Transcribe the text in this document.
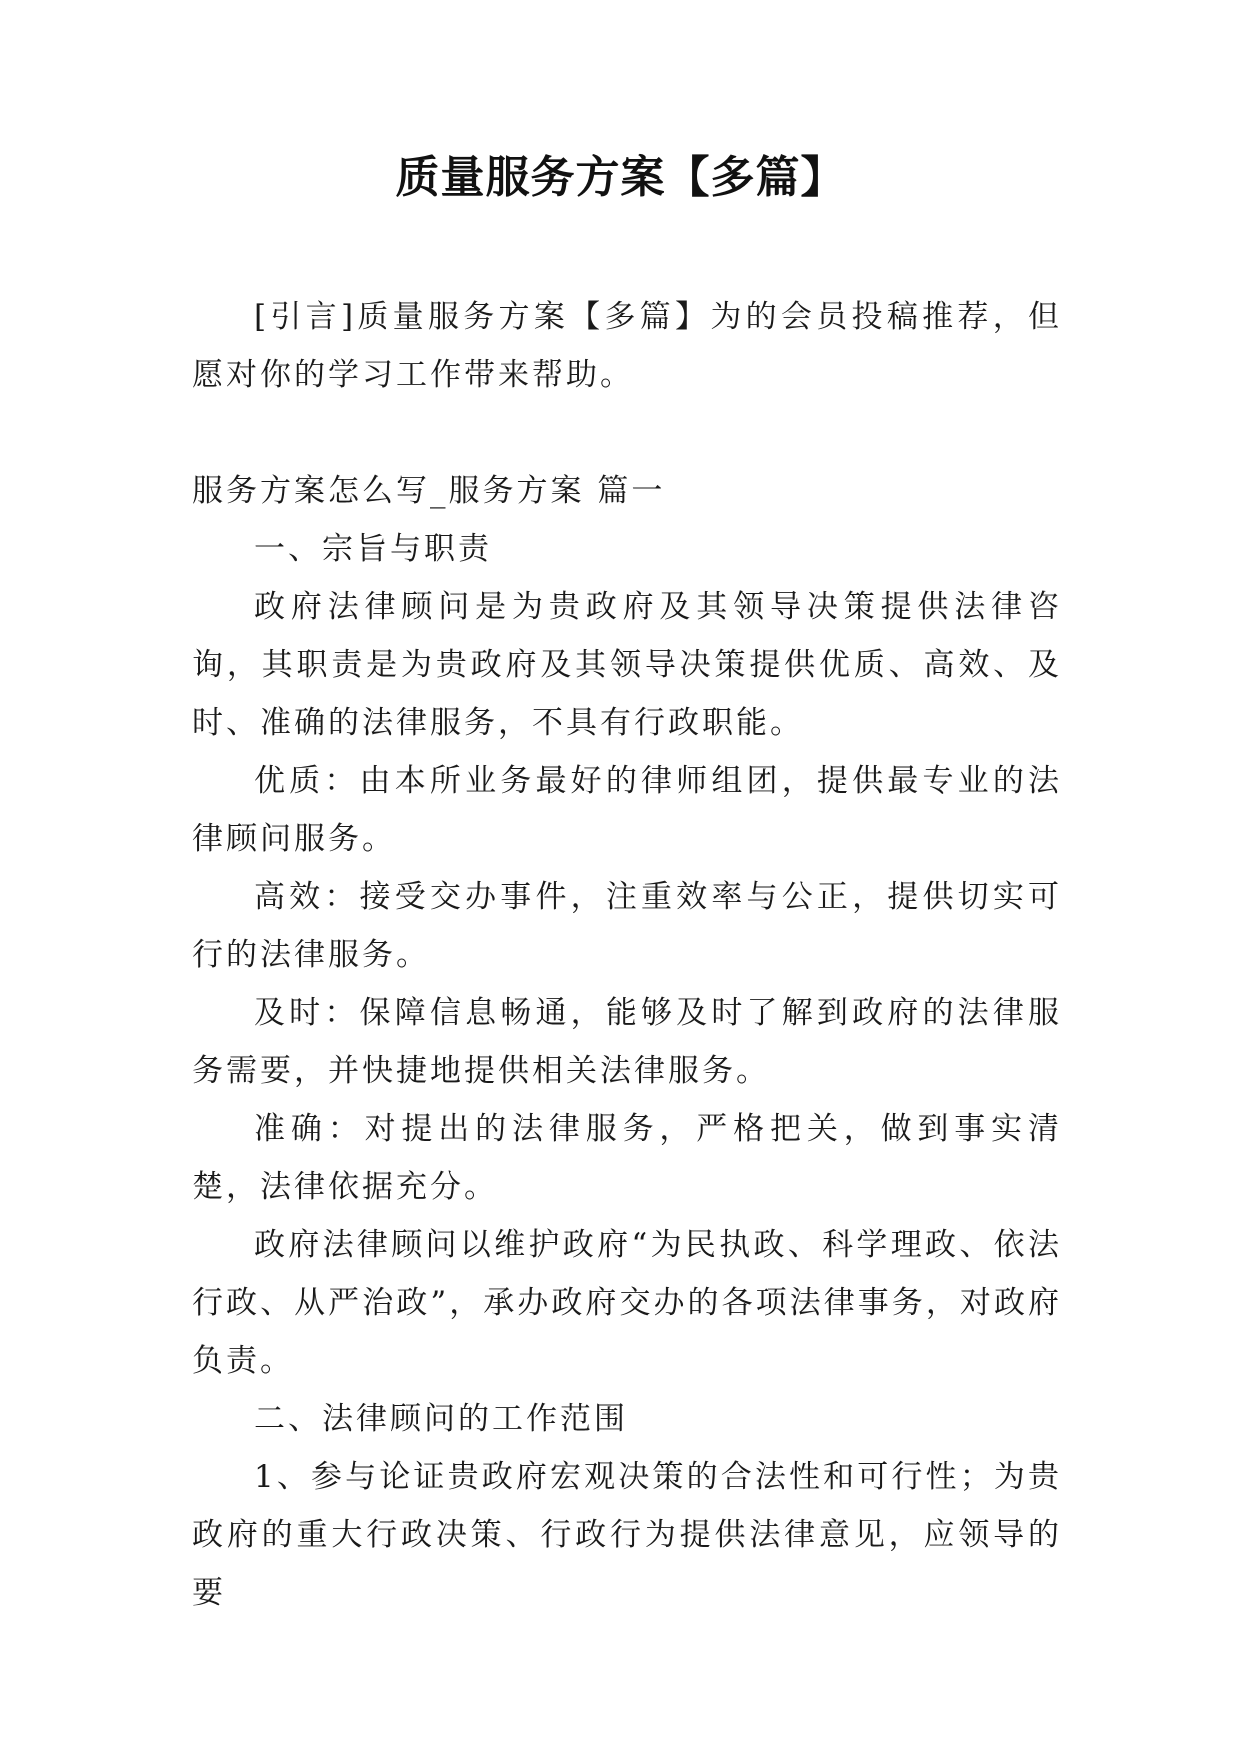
质量服务方案【多篇】

[引言]质量服务方案【多篇】为的会员投稿推荐，但愿对你的学习工作带来帮助。

服务方案怎么写_服务方案 篇一

一、宗旨与职责

政府法律顾问是为贵政府及其领导决策提供法律咨询，其职责是为贵政府及其领导决策提供优质、高效、及时、准确的法律服务，不具有行政职能。

优质：由本所业务最好的律师组团，提供最专业的法律顾问服务。

高效：接受交办事件，注重效率与公正，提供切实可行的法律服务。

及时：保障信息畅通，能够及时了解到政府的法律服务需要，并快捷地提供相关法律服务。

准确：对提出的法律服务，严格把关，做到事实清楚，法律依据充分。

政府法律顾问以维护政府“为民执政、科学理政、依法行政、从严治政”，承办政府交办的各项法律事务，对政府负责。

二、法律顾问的工作范围

1、参与论证贵政府宏观决策的合法性和可行性；为贵政府的重大行政决策、行政行为提供法律意见，应领导的要
